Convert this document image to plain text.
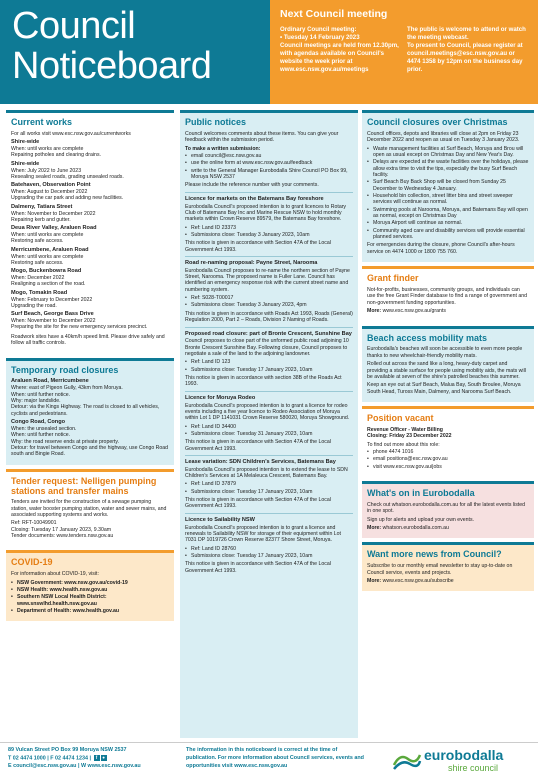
Council
Noticeboard
Next Council meeting

Ordinary Council meeting:

• Tuesday 14 February 2023

Council meetings are held from 12.30pm, with agendas available on Council's website the week prior at www.esc.nsw.gov.au/meetings

The public is welcome to attend or watch the meeting webcast.

To present to Council, please register at council.meetings@esc.nsw.gov.au or 4474 1358 by 12pm on the business day prior.

Current works

For all works visit www.esc.nsw.gov.au/currentworks

Shire-wide
When: until works are complete
Repairing potholes and clearing drains.
Shire-wide
When: July 2022 to June 2023
Resealing sealed roads, grading unsealed roads.
Batehaven, Observation Point
When: August to December 2022
Upgrading the car park and adding new facilities.
Dalmeny, Tatiara Street
When: November to December 2022
Repairing kerb and gutter.
Deua River Valley, Araluen Road
When: until works are complete
Restoring safe access.
Merricumbene, Araluen Road
When: until works are complete
Restoring safe access.
Mogo, Buckenbowra Road
When: December 2022
Realigning a section of the road.
Mogo, Tomakin Road
When: February to December 2022
Upgrading the road.
Surf Beach, George Bass Drive
When: November to December 2022
Preparing the site for the new emergency services precinct.

Roadwork sites have a 40km/h speed limit. Please drive safely and follow all traffic controls.

Temporary road closures
Araluen Road, Merricumbene
Where: east of Pigeon Gully, 43km from Moruya.
When: until further notice.
Why: major landslide.
Detour: via the Kings Highway. The road is closed to all vehicles, cyclists and pedestrians.
Congo Road, Congo
When: the unsealed section.
When: until further notice.
Why: the road reserve ends at private property.
Detour: for travel between Congo and the highway, use Congo Road south and Bingie Road.
Tender request: Nelligen pumping stations and transfer mains

Tenders are invited for the construction of a sewage pumping station, water booster pumping station, water and sewer mains, and associated supporting systems and works.

Ref: RFT-10049901

Closing: Tuesday 17 January 2023, 9.30am

Tender documents: www.tenders.nsw.gov.au

COVID-19

For information about COVID-19, visit:

• NSW Government: www.nsw.gov.au/covid-19
• NSW Health: www.health.nsw.gov.au
• Southern NSW Local Health District: www.snswlhd.health.nsw.gov.au
• Department of Health: www.health.gov.au
Public notices

Council welcomes comments about these items. You can give your feedback within the submission period.

To make a written submission:

• email council@esc.nsw.gov.au
• use the online form at www.esc.nsw.gov.au/feedback
• write to the General Manager Eurobodalla Shire Council PO Box 99, Moruya NSW 2537

Please include the reference number with your comments.

Licence for markets on the Batemans Bay foreshore

Eurobodalla Council's proposed intention is to grant licences to Rotary Club of Batemans Bay Inc and Marine Rescue NSW to hold monthly markets within Crown Reserve 89579, the Batemans Bay foreshore.

• Ref: Land ID 23373
• Submissions close: Tuesday 3 January 2023, 10am

This notice is given in accordance with Section 47A of the Local Government Act 1993.

Road re-naming proposal: Payne Street, Narooma

Eurobodalla Council proposes to re-name the northern section of Payne Street, Narooma. The proposed name is Fuller Lane. Council has identified an emergency response risk with the current street name and numbering system.

• Ref: S028-T00017
• Submissions close: Tuesday 3 January 2023, 4pm

This notice is given in accordance with Roads Act 1993, Roads (General) Regulation 2000, Part 2 – Roads, Division 2 Naming of Roads.

Proposed road closure: part of Bronte Crescent, Sunshine Bay

Council proposes to close part of the unformed public road adjoining 10 Bronte Crescent Sunshine Bay. Following closure, Council proposes to negotiate a sale of the land to the adjoining landowner.

• Ref: Land ID 123
• Submissions close: Tuesday 17 January 2023, 10am

This notice is given in accordance with section 38B of the Roads Act 1993.

Licence for Moruya Rodeo

Eurobodalla Council's proposed intention is to grant a licence for rodeo events including a five year licence to Rodeo Association of Moruya within Lot 1 DP 1141031 Crown Reserve 580020, Moruya Showground.

• Ref: Land ID 34400
• Submissions close: Tuesday 31 January 2023, 10am

This notice is given in accordance with Section 47A of the Local Government Act 1993.

Lease variation: SDN Children's Services, Batemans Bay

Eurobodalla Council's proposed intention is to extend the lease to SDN Children's Services at 1A Melaleuca Crescent, Batemans Bay.

• Ref: Land ID 37879
• Submissions close: Tuesday 17 January 2023, 10am

This notice is given in accordance with Section 47A of the Local Government Act 1993.

Licence to Sailability NSW

Eurobodalla Council's proposed intention is to grant a licence and renewals to Sailability NSW for storage of their equipment within Lot 7031 DP 1019726 Crown Reserve 82377 Shore Street, Moruya.

• Ref: Land ID 28760
• Submissions close: Tuesday 17 January 2023, 10am

This notice is given in accordance with Section 47A of the Local Government Act 1993.

Council closures over Christmas

Council offices, depots and libraries will close at 2pm on Friday 23 December 2022 and reopen as usual on Tuesday 3 January 2023.

• Waste management facilities at Surf Beach, Moruya and Brou will open as usual except on Christmas Day and New Year's Day.
• Delays are expected at the waste facilities over the holidays, please allow extra time to visit the tips, especially the busy Surf Beach facility.
• Surf Beach Buy Back Shop will be closed from Sunday 25 December to Wednesday 4 January.
• Household bin collection, street litter bins and street sweeper services will continue as normal.
• Swimming pools at Narooma, Moruya, and Batemans Bay will open as normal, except on Christmas Day
• Moruya Airport will continue as normal.
• Community aged care and disability services will provide essential planned services.

For emergencies during the closure, phone Council's after-hours service on 4474 1000 or 1800 755 760.

Grant finder

Not-for-profits, businesses, community groups, and individuals can use the free Grant Finder database to find a range of government and non-government funding opportunities.

More: www.esc.nsw.gov.au/grants

Beach access mobility mats

Eurobodalla's beaches will soon be accessible to even more people thanks to new wheelchair-friendly mobility mats.

Rolled out across the sand like a long, heavy-duty carpet and providing a stable surface for people using mobility aids, the mats will be available at seven of the shire's patrolled beaches this summer.

Keep an eye out at Surf Beach, Malua Bay, South Broulee, Moruya South Head, Tuross Main, Dalmeny, and Narooma Surf Beach.

Position vacant

Revenue Officer - Water Billing

Closing: Friday 23 December 2022

To find out more about this role:

• phone 4474 1016
• email positions@esc.nsw.gov.au
• visit www.esc.nsw.gov.au/jobs
What's on in Eurobodalla

Check out whatson.eurobodalla.com.au for all the latest events listed in one spot.

Sign up for alerts and upload your own events.

More: whatson.eurobodalla.com.au

Want more news from Council?

Subscribe to our monthly email newsletter to stay up-to-date on Council service, events and projects.

More: www.esc.nsw.gov.au/subscribe

89 Vulcan Street PO Box 99 Moruya NSW 2537
T 02 4474 1000 | F 02 4474 1234 | f ●
E council@esc.nsw.gov.au | W www.esc.nsw.gov.au
The information in this noticeboard is correct at the time of publication. For more information about Council services, events and opportunities visit www.esc.nsw.gov.au
eurobodalla
shire council
